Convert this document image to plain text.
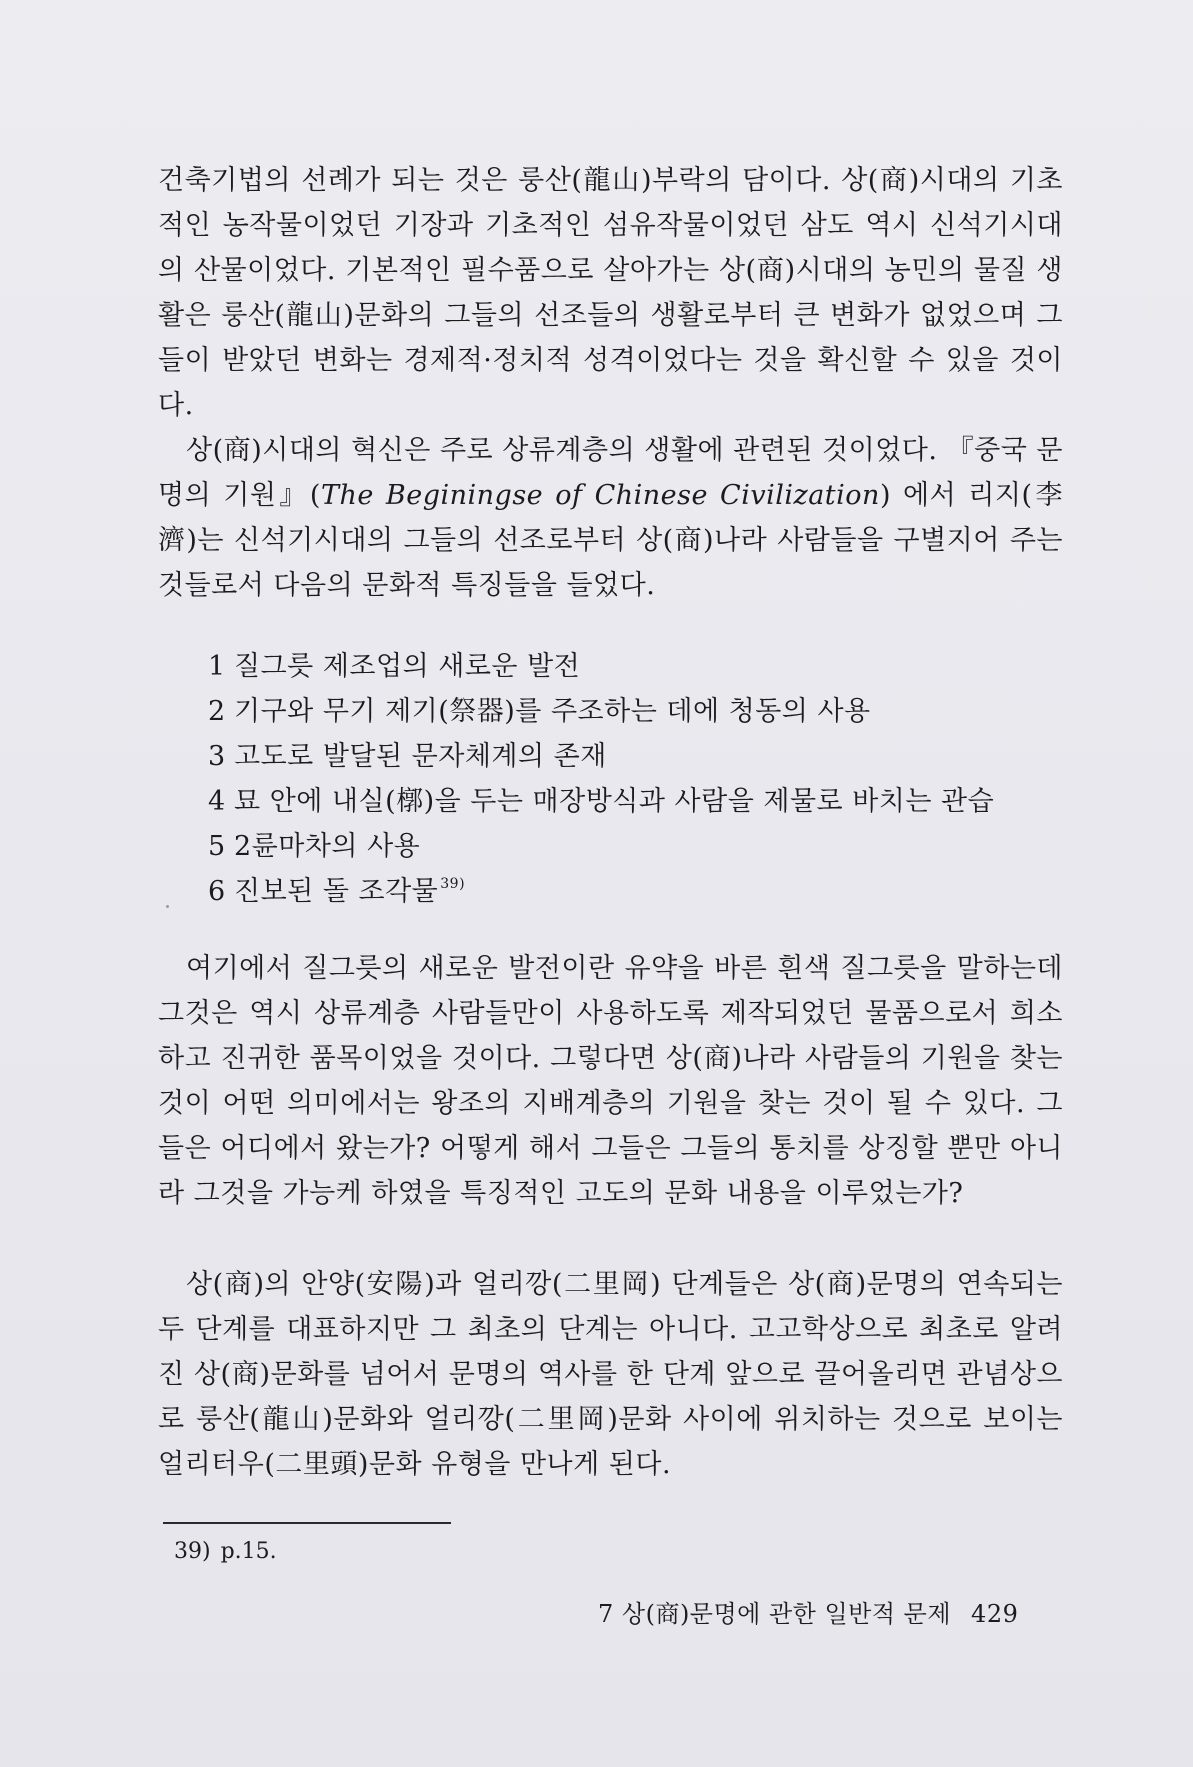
건축기법의 선례가 되는 것은 룽산(龍山)부락의 담이다. 상(商)시대의 기초적인 농작물이었던 기장과 기초적인 섬유작물이었던 삼도 역시 신석기시대의 산물이었다. 기본적인 필수품으로 살아가는 상(商)시대의 농민의 물질 생활은 룽산(龍山)문화의 그들의 선조들의 생활로부터 큰 변화가 없었으며 그들이 받았던 변화는 경제적·정치적 성격이었다는 것을 확신할 수 있을 것이다.

상(商)시대의 혁신은 주로 상류계층의 생활에 관련된 것이었다. 『중국 문명의 기원』(The Beginingse of Chinese Civilization) 에서 리지(李濟)는 신석기시대의 그들의 선조로부터 상(商)나라 사람들을 구별지어 주는 것들로서 다음의 문화적 특징들을 들었다.

1 질그릇 제조업의 새로운 발전
2 기구와 무기 제기(祭器)를 주조하는 데에 청동의 사용
3 고도로 발달된 문자체계의 존재
4 묘 안에 내실(槨)을 두는 매장방식과 사람을 제물로 바치는 관습
5 2륜마차의 사용
6 진보된 돌 조각물 $^{39)}$

여기에서 질그릇의 새로운 발전이란 유약을 바른 흰색 질그릇을 말하는데 그것은 역시 상류계층 사람들만이 사용하도록 제작되었던 물품으로서 희소하고 진귀한 품목이었을 것이다. 그렇다면 상(商)나라 사람들의 기원을 찾는 것이 어떤 의미에서는 왕조의 지배계층의 기원을 찾는 것이 될 수 있다. 그들은 어디에서 왔는가? 어떻게 해서 그들은 그들의 통치를 상징할 뿐만 아니라 그것을 가능케 하였을 특징적인 고도의 문화 내용을 이루었는가?

상(商)의 안양(安陽)과 얼리깡(二里岡) 단계들은 상(商)문명의 연속되는 두 단계를 대표하지만 그 최초의 단계는 아니다. 고고학상으로 최초로 알려진 상(商)문화를 넘어서 문명의 역사를 한 단계 앞으로 끌어올리면 관념상으로 룽산(龍山)문화와 얼리깡(二里岡)문화 사이에 위치하는 것으로 보이는 얼리터우(二里頭)문화 유형을 만나게 된다.

39) p.15.
7 상(商)문명에 관한 일반적 문제 429
